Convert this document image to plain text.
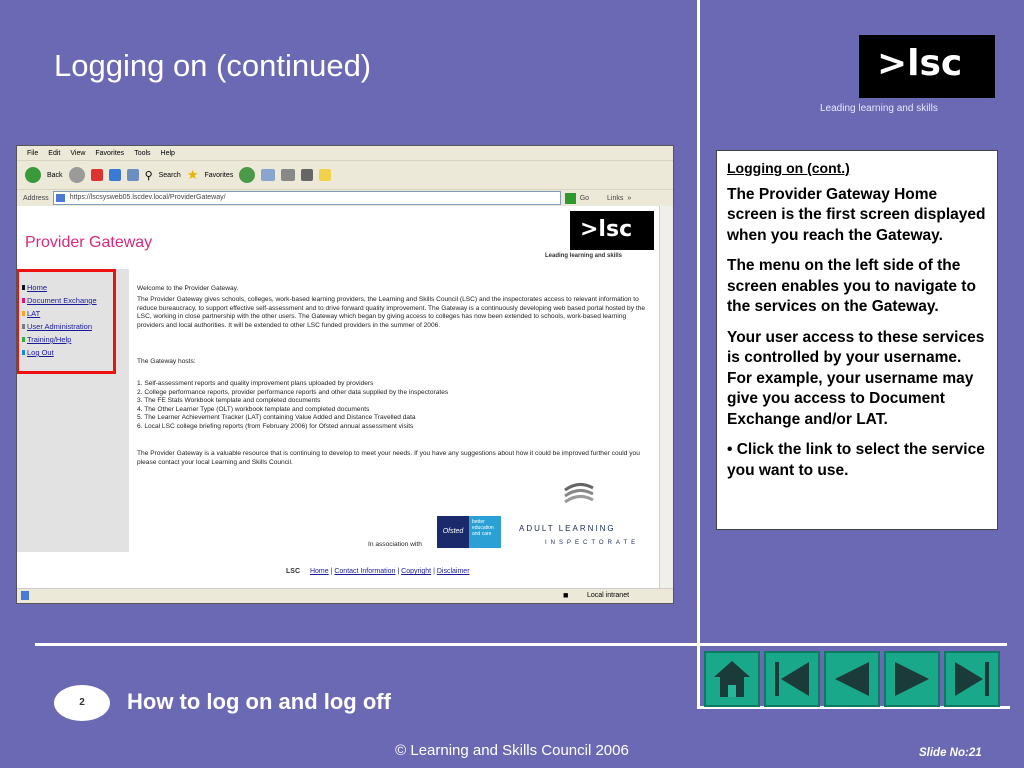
Logging on (continued)	>lsc
Leading learning and skills
File Edit View Favorites Tools Help
Back	⚲ Search ★ Favorites
Address	https://lscsysweb05.lscdev.local/ProviderGateway/	Go	Links »
Provider Gateway
>lsc
Leading learning and skills
Home
Document Exchange
LAT
User Administration
Training/Help
Log Out
Welcome to the Provider Gateway.
The Provider Gateway gives schools, colleges, work-based learning providers, the Learning and Skills Council (LSC) and the inspectorates access to relevant information to reduce bureaucracy, to support effective self-assessment and to drive forward quality improvement. The Gateway is a continuously developing web based portal hosted by the LSC, working in close partnership with the other users. The Gateway which began by giving access to colleges has now been extended to schools, work-based learning providers and local authorities. It will be extended to other LSC funded providers in the summer of 2006.
The Gateway hosts:
1. Self-assessment reports and quality improvement plans uploaded by providers
2. College performance reports, provider performance reports and other data supplied by the inspectorates
3. The FE Stats Workbook template and completed documents
4. The Other Learner Type (OLT) workbook template and completed documents
5. The Learner Achievement Tracker (LAT) containing Value Added and Distance Travelled data
6. Local LSC college briefing reports (from February 2006) for Ofsted annual assessment visits
The Provider Gateway is a valuable resource that is continuing to develop to meet your needs. If you have any suggestions about how it could be improved further could you please contact your local Learning and Skills Council.
In association with
Ofsted
better education and care
ADULT LEARNING
INSPECTORATE
LSC Home | Contact Information | Copyright | Disclaimer
■	Local intranet

Logging on (cont.)

The Provider Gateway Home screen is the first screen displayed when you reach the Gateway.

The menu on the left side of the screen enables you to navigate to the services on the Gateway.

Your user access to these services is controlled by your username. For example, your username may give you access to Document Exchange and/or LAT.

• Click the link to select the service you want to use.

2	How to log on and log off
© Learning and Skills Council 2006	Slide No:21
